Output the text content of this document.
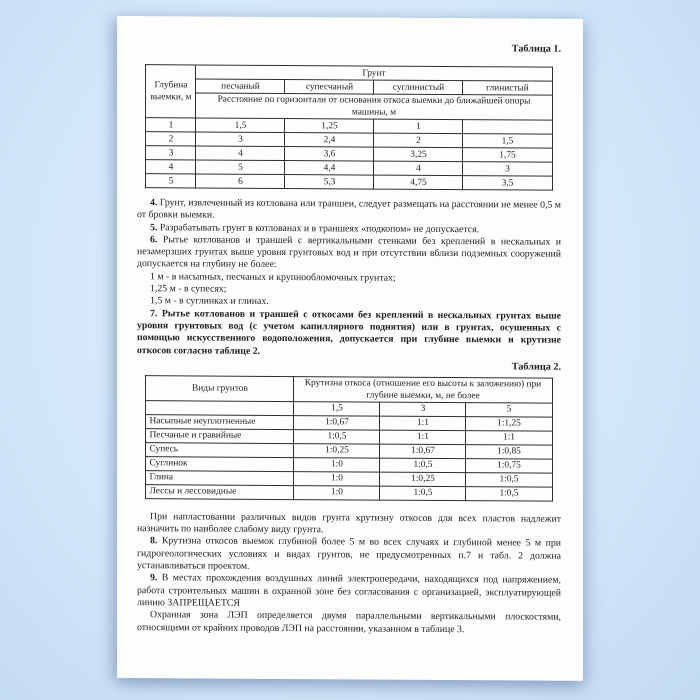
Таблица 1.
Глубина выемки, м	Грунт			
	песчаный	супесчаный	суглинистый	глинистый
	Расстояние по горизонтали от основания откоса выемки до ближайшей опоры машины, м			
1	1,5	1,25	1	
2	3	2,4	2	1,5
3	4	3,6	3,25	1,75
4	5	4,4	4	3
5	6	5,3	4,75	3,5

4. Грунт, извлеченный из котлована или траншеи, следует размещать на расстоянии не менее 0,5 м от бровки выемки.

5. Разрабатывать грунт в котлованах и в траншеях «подкопом» не допускается.

6. Рытье котлованов и траншей с вертикальными стенками без креплений в нескальных и незамерзших грунтах выше уровня грунтовых вод и при отсутствии вблизи подземных сооружений допускается на глубину не более:

1 м - в насыпных, песчаных и крупнообломочных грунтах;

1,25 м - в супесях;

1,5 м - в суглинках и глинах.

7. Рытье котлованов и траншей с откосами без креплений в нескальных грунтах выше уровня грунтовых вод (с учетом капиллярного поднятия) или в грунтах, осушенных с помощью искусственного водоположения, допускается при глубине выемки и крутизне откосов согласно таблице 2.

Таблица 2.
Виды грунтов	Крутизна откоса (отношение его высоты к заложению) при глубине выемки, м, не более		
	1,5	3	5
Насыпные неуплотненные	1:0,67	1:1	1:1,25
Песчаные и гравийные	1:0,5	1:1	1:1
Супесь	1:0,25	1:0,67	1:0,85
Суглинок	1:0	1:0,5	1:0,75
Глина	1:0	1:0,25	1:0,5
Лессы и лессовидные	1:0	1:0,5	1:0,5

При напластовании различных видов грунта крутизну откосов для всех пластов надлежит назначить по наиболее слабому виду грунта.

8. Крутизна откосов выемок глубиной более 5 м во всех случаях и глубиной менее 5 м при гидрогеологических условиях и видах грунтов, не предусмотренных п.7 и табл. 2 должна устанавливаться проектом.

9. В местах прохождения воздушных линий электропередачи, находящихся под напряжением, работа строительных машин в охранной зоне без согласования с организацией, эксплуатирующей линию ЗАПРЕЩАЕТСЯ

Охранная зона ЛЭП определяется двумя параллельными вертикальными плоскостями, относящими от крайних проводов ЛЭП на расстоянии, указанном в таблице 3.
